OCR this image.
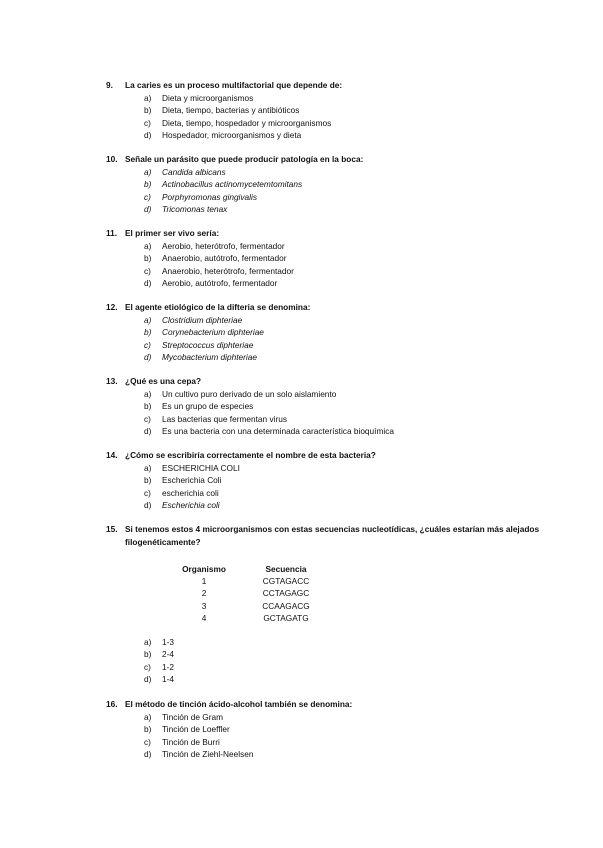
9.	La caries es un proceso multifactorial que depende de:
a)	Dieta y microorganismos
b)	Dieta, tiempo, bacterias y antibióticos
c)	Dieta, tiempo, hospedador y microorganismos
d)	Hospedador, microorganismos y dieta
10. Señale un parásito que puede producir patología en la boca:
a)	Candida albicans
b)	Actinobacillus actinomycetemtomitans
c)	Porphyromonas gingivalis
d)	Tricomonas tenax
11. El primer ser vivo sería:
a)	Aerobio, heterótrofo, fermentador
b)	Anaerobio, autótrofo, fermentador
c)	Anaerobio, heterótrofo, fermentador
d)	Aerobio, autótrofo, fermentador
12. El agente etiológico de la difteria se denomina:
a)	Clostridium diphteriae
b)	Corynebacterium diphteriae
c)	Streptococcus diphteriae
d)	Mycobacterium diphteriae
13. ¿Qué es una cepa?
a)	Un cultivo puro derivado de un solo aislamiento
b)	Es un grupo de especies
c)	Las bacterias que fermentan virus
d)	Es una bacteria con una determinada característica bioquímica
14. ¿Cómo se escribiría correctamente el nombre de esta bacteria?
a)	ESCHERICHIA COLI
b)	Escherichia Coli
c)	escherichia coli
d)	Escherichia coli
15. Si tenemos estos 4 microorganismos con estas secuencias nucleotídicas, ¿cuáles estarían más alejados filogenéticamente?
Organismo		Secuencia
1		CGTAGACC
2		CCTAGAGC
3		CCAAGACG
4		GCTAGATG
a)	1-3
b)	2-4
c)	1-2
d)	1-4
16. El método de tinción ácido-alcohol también se denomina:
a)	Tinción de Gram
b)	Tinción de Loeffler
c)	Tinción de Burri
d)	Tinción de Ziehl-Neelsen
